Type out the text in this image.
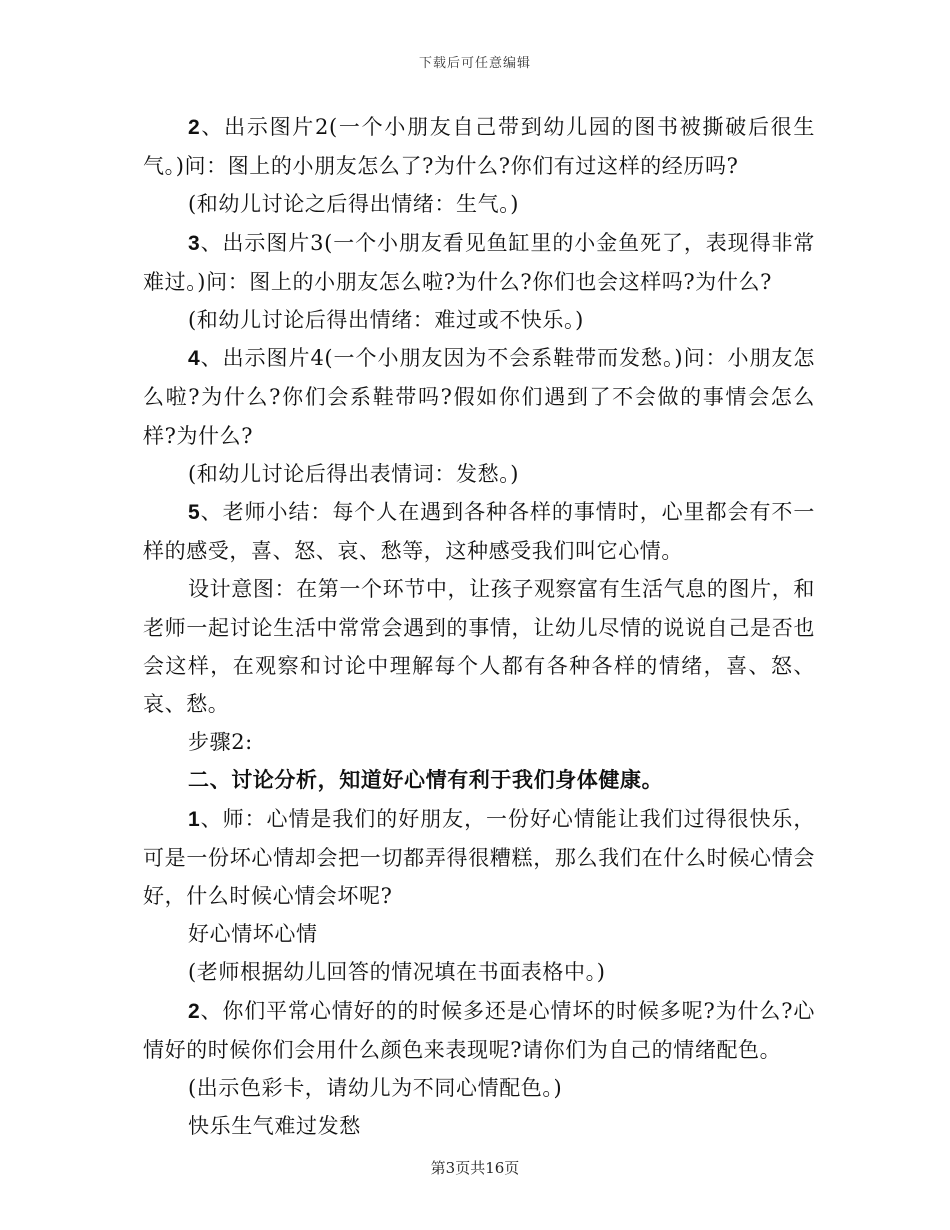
下载后可任意编辑

2、出示图片2(一个小朋友自己带到幼儿园的图书被撕破后很生气。)问：图上的小朋友怎么了?为什么?你们有过这样的经历吗?

(和幼儿讨论之后得出情绪：生气。)

3、出示图片3(一个小朋友看见鱼缸里的小金鱼死了，表现得非常难过。)问：图上的小朋友怎么啦?为什么?你们也会这样吗?为什么?

(和幼儿讨论后得出情绪：难过或不快乐。)

4、出示图片4(一个小朋友因为不会系鞋带而发愁。)问：小朋友怎么啦?为什么?你们会系鞋带吗?假如你们遇到了不会做的事情会怎么样?为什么?

(和幼儿讨论后得出表情词：发愁。)

5、老师小结：每个人在遇到各种各样的事情时，心里都会有不一样的感受，喜、怒、哀、愁等，这种感受我们叫它心情。

设计意图：在第一个环节中，让孩子观察富有生活气息的图片，和老师一起讨论生活中常常会遇到的事情，让幼儿尽情的说说自己是否也会这样，在观察和讨论中理解每个人都有各种各样的情绪，喜、怒、哀、愁。

步骤2:

二、讨论分析，知道好心情有利于我们身体健康。

1、师：心情是我们的好朋友，一份好心情能让我们过得很快乐，可是一份坏心情却会把一切都弄得很糟糕，那么我们在什么时候心情会好，什么时候心情会坏呢?

好心情坏心情

(老师根据幼儿回答的情况填在书面表格中。)

2、你们平常心情好的的时候多还是心情坏的时候多呢?为什么?心情好的时候你们会用什么颜色来表现呢?请你们为自己的情绪配色。

(出示色彩卡，请幼儿为不同心情配色。)

快乐生气难过发愁

第3页共16页
